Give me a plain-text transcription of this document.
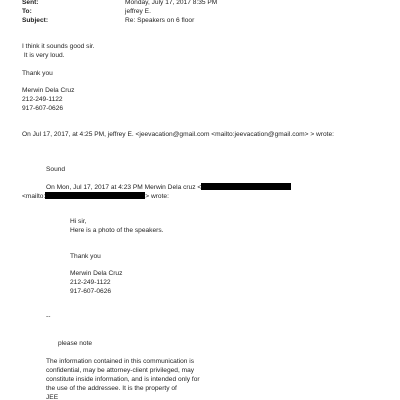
Sent:	Monday, July 17, 2017 8:35 PM
To:	jeffrey E.
Subject:	Re: Speakers on 6 floor
I think it sounds good sir.
It is very loud.
Thank you
Merwin Dela Cruz
212-249-1122
917-607-0626
On Jul 17, 2017, at 4:25 PM, jeffrey E. <jeevacation@gmail.com <mailto:jeevacation@gmail.com> > wrote:
Sound
On Mon, Jul 17, 2017 at 4:23 PM Merwin Dela cruz <
<mailto:	> wrote:
Hi sir,
Here is a photo of the speakers.
Thank you
Merwin Dela Cruz
212-249-1122
917-607-0626
--
please note
The information contained in this communication is
confidential, may be attorney-client privileged, may
constitute inside information, and is intended only for
the use of the addressee. It is the property of
JEE
